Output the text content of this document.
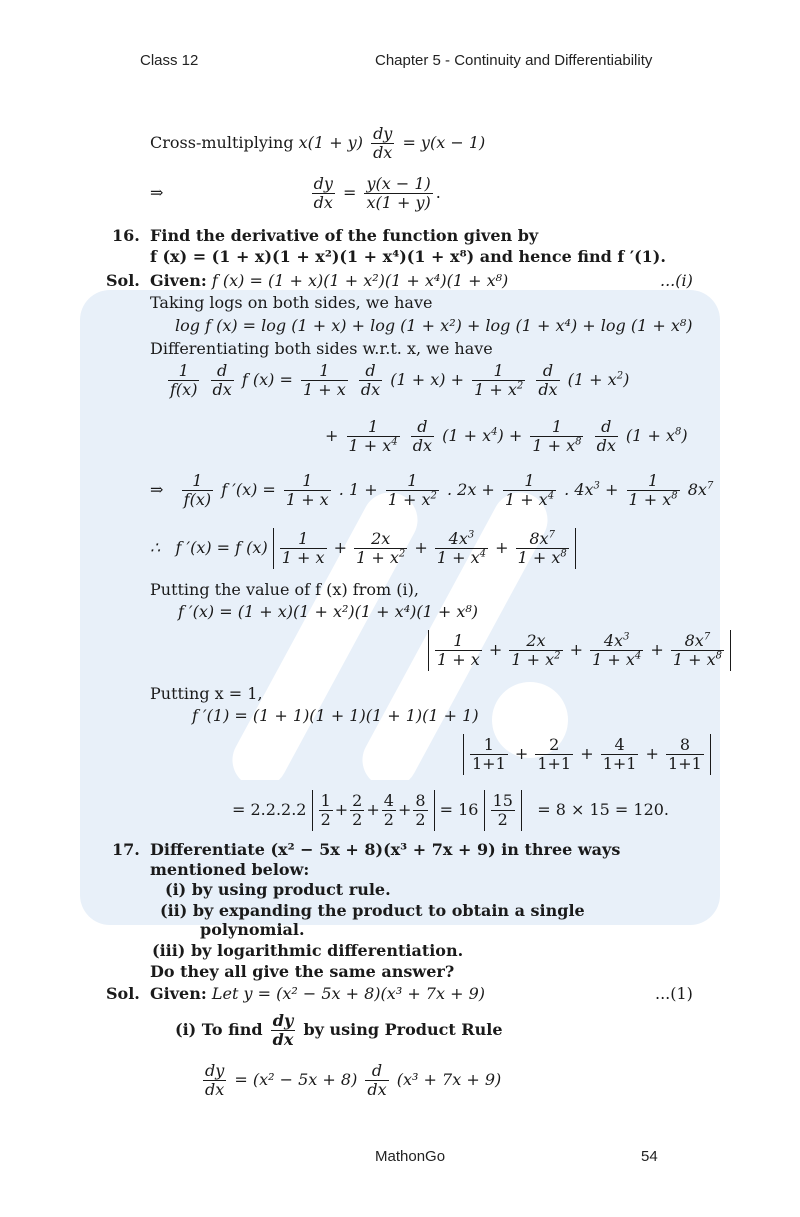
Class 12	Chapter 5 - Continuity and Differentiability
Cross-multiplying $x(1 + y) \frac{dy}{dx} = y(x - 1)$
⇒	$\frac{dy}{dx} = \frac{y(x - 1)}{x(1 + y)}$ .
16. Find the derivative of the function given by
f (x) = (1 + x)(1 + x²)(1 + x⁴)(1 + x⁸) and hence find f ′(1).
Sol. Given: f (x) = (1 + x)(1 + x²)(1 + x⁴)(1 + x⁸)	...(i)
Taking logs on both sides, we have
log f (x) = log (1 + x) + log (1 + x²) + log (1 + x⁴) + log (1 + x⁸)
Differentiating both sides w.r.t. x, we have
$\frac{1}{f(x)}$
$\frac{d}{dx}$ f $(x) = \frac{1}{1 + x}$
$\frac{d}{dx} (1 + x) + \frac{1}{1 + x^2}$
$\frac{d}{dx} (1 + x^2)$
+ $\frac{1}{1 + x^4}$
$\frac{d}{dx} (1 + x^4) + \frac{1}{1 + x^8}$
$\frac{d}{dx} (1 + x^8)$
⇒ $\frac{1}{f(x)}$ f $'(x) = \frac{1}{1 + x}$ . $1 + \frac{1}{1 + x^2}$ . $2x + \frac{1}{1 + x^4}$ . $4x^3 + \frac{1}{1 + x^8} 8x^7$
∴   f ′(x) = f $(x) \frac{1}{1 + x} + \frac{2x}{1 + x^2} + \frac{4x^3}{1 + x^4} + \frac{8x^7}{1 + x^8}$
Putting the value of f (x) from (i),
f ′(x) = (1 + x)(1 + x²)(1 + x⁴)(1 + x⁸)
$\frac{1}{1 + x} + \frac{2x}{1 + x^2} + \frac{4x^3}{1 + x^4} + \frac{8x^7}{1 + x^8}$
Putting x = 1,
f ′(1) = (1 + 1)(1 + 1)(1 + 1)(1 + 1)
$\frac{1}{1+1} + \frac{2}{1+1} + \frac{4}{1+1} + \frac{8}{1+1}$
= $2.2.2.2 \frac{1}{2} + \frac{2}{2} + \frac{4}{2} + \frac{8}{2} = 16 \frac{15}{2} = 8 \times 15 = 120$.
17. Differentiate (x² − 5x + 8)(x³ + 7x + 9) in three ways
mentioned below:
(i) by using product rule.
(ii) by expanding the product to obtain a single
polynomial.
(iii) by logarithmic differentiation.
Do they all give the same answer?
Sol. Given: Let y = (x² − 5x + 8)(x³ + 7x + 9)	...(1)
(i) To find $\frac{dy}{dx}$ by using Product Rule
$\frac{dy}{dx} = (x^2 - 5x + 8) \frac{d}{dx} (x^3 + 7x + 9)$
MathonGo	54
